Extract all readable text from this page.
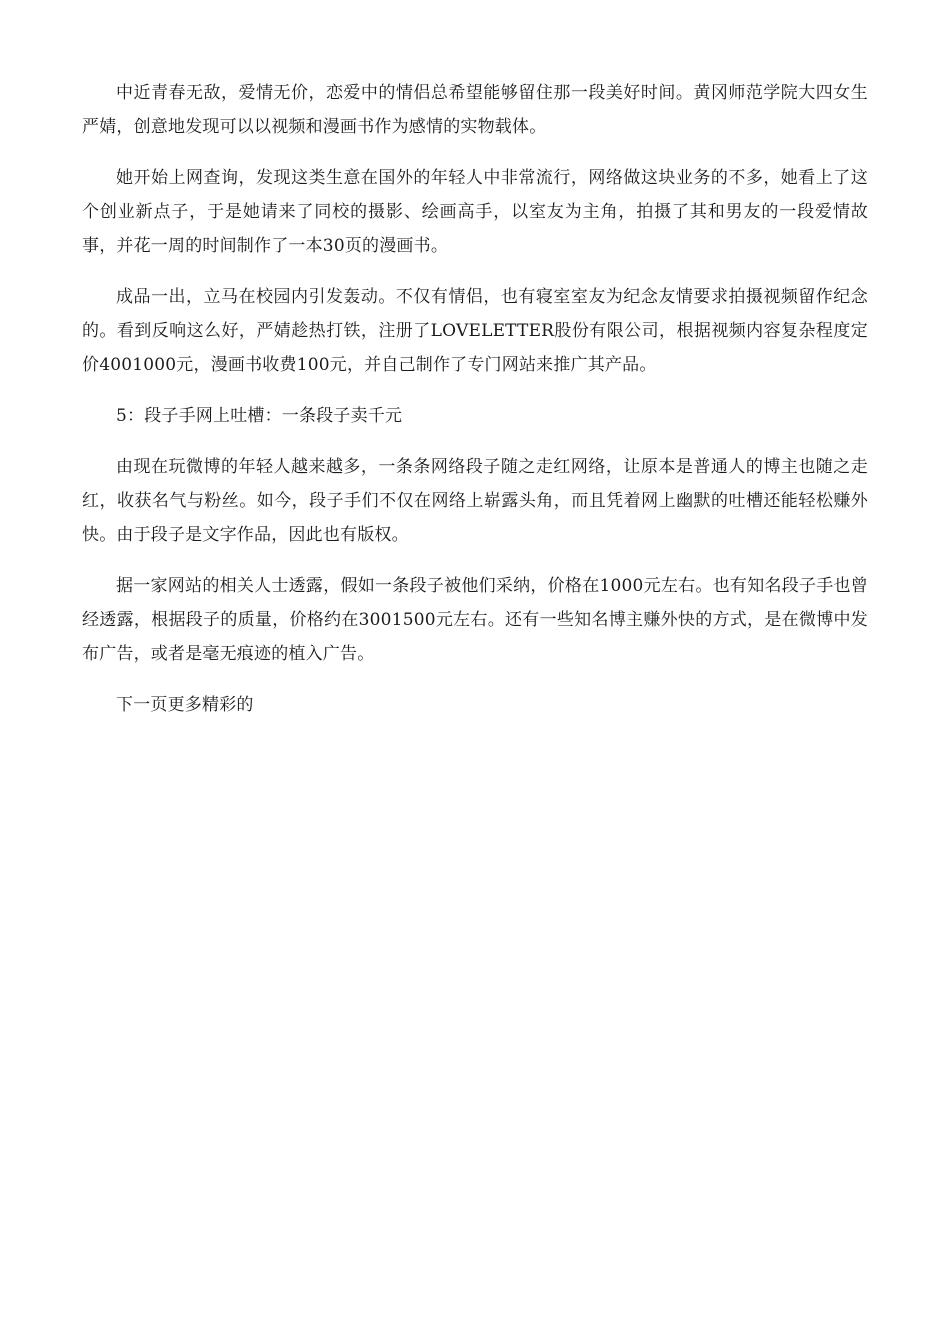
中近青春无敌，爱情无价，恋爱中的情侣总希望能够留住那一段美好时间。黄冈师范学院大四女生严婧，创意地发现可以以视频和漫画书作为感情的实物载体。

她开始上网查询，发现这类生意在国外的年轻人中非常流行，网络做这块业务的不多，她看上了这个创业新点子，于是她请来了同校的摄影、绘画高手，以室友为主角，拍摄了其和男友的一段爱情故事，并花一周的时间制作了一本30页的漫画书。

成品一出，立马在校园内引发轰动。不仅有情侣，也有寝室室友为纪念友情要求拍摄视频留作纪念的。看到反响这么好，严婧趁热打铁，注册了LOVELETTER股份有限公司，根据视频内容复杂程度定价4001000元，漫画书收费100元，并自己制作了专门网站来推广其产品。

5：段子手网上吐槽：一条段子卖千元

由现在玩微博的年轻人越来越多，一条条网络段子随之走红网络，让原本是普通人的博主也随之走红，收获名气与粉丝。如今，段子手们不仅在网络上崭露头角，而且凭着网上幽默的吐槽还能轻松赚外快。由于段子是文字作品，因此也有版权。

据一家网站的相关人士透露，假如一条段子被他们采纳，价格在1000元左右。也有知名段子手也曾经透露，根据段子的质量，价格约在3001500元左右。还有一些知名博主赚外快的方式，是在微博中发布广告，或者是毫无痕迹的植入广告。

下一页更多精彩的
